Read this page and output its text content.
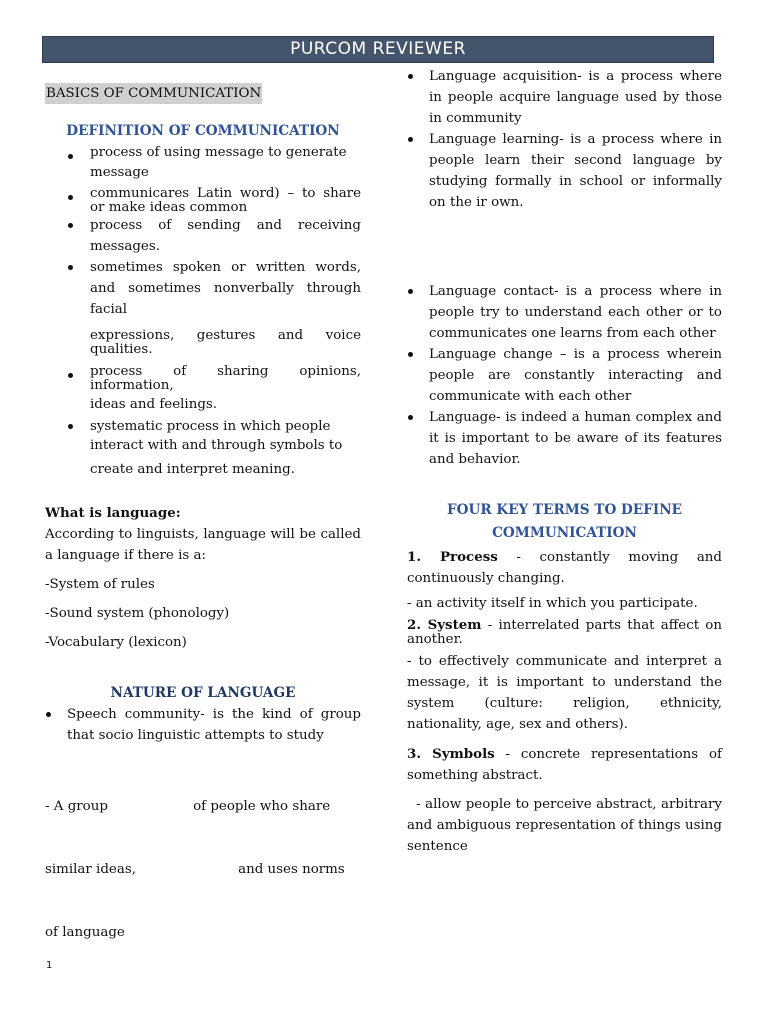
PURCOM REVIEWER
BASICS OF COMMUNICATION
DEFINITION OF COMMUNICATION
process of using message to generate
message
communicares Latin word) – to share or make ideas common
process of sending and receiving messages.
sometimes spoken or written words, and sometimes nonverbally through facial
expressions, gestures and voice qualities.
process of sharing opinions, information,
ideas and feelings.
systematic process in which people
interact with and through symbols to
create and interpret meaning.
What is language:
According to linguists, language will be called a language if there is a:
-System of rules
-Sound system (phonology)
-Vocabulary (lexicon)
NATURE OF LANGUAGE
Speech community- is the kind of group that socio linguistic attempts to study

- A group                    of people who share

similar ideas,                        and uses norms

of language

Language acquisition- is a process where in people acquire language used by those in community
Language learning- is a process where in people learn their second language by studying formally in school or informally on the ir own.
Language contact- is a process where in people try to understand each other or to communicates one learns from each other
Language change – is a process wherein people are constantly interacting and communicate with each other
Language- is indeed a human complex and it is important to be aware of its features and behavior.
FOUR KEY TERMS TO DEFINE
COMMUNICATION
1. Process - constantly moving and continuously changing.
- an activity itself in which you participate.
2. System - interrelated parts that affect on another.
- to effectively communicate and interpret a message, it is important to understand the system (culture: religion, ethnicity, nationality, age, sex and others).
3. Symbols - concrete representations of something abstract.
- allow people to perceive abstract, arbitrary and ambiguous representation of things using sentence
1
